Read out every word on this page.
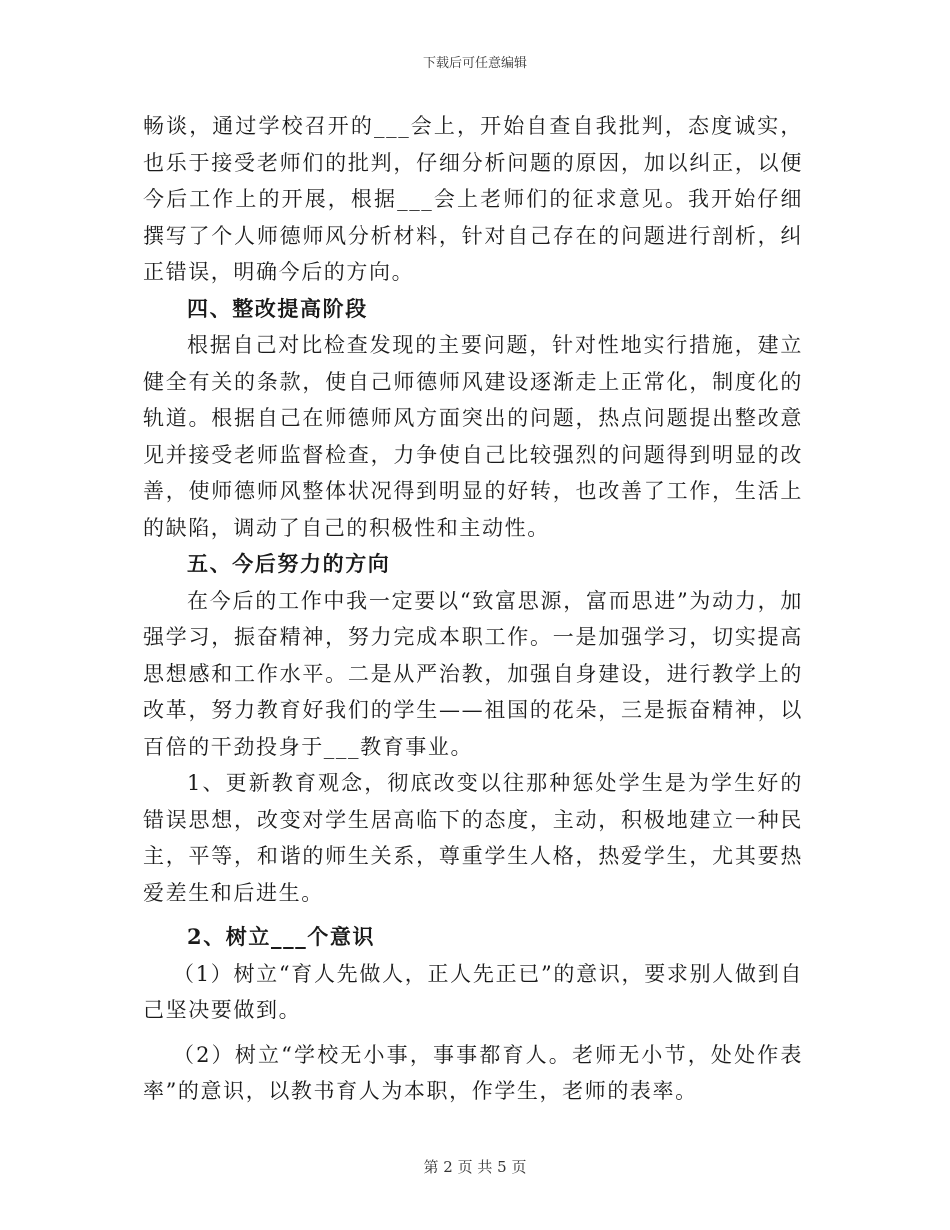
下载后可任意编辑

畅谈，通过学校召开的___会上，开始自查自我批判，态度诚实，也乐于接受老师们的批判，仔细分析问题的原因，加以纠正，以便今后工作上的开展，根据___会上老师们的征求意见。我开始仔细撰写了个人师德师风分析材料，针对自己存在的问题进行剖析，纠正错误，明确今后的方向。

四、整改提高阶段

根据自己对比检查发现的主要问题，针对性地实行措施，建立健全有关的条款，使自己师德师风建设逐渐走上正常化，制度化的轨道。根据自己在师德师风方面突出的问题，热点问题提出整改意见并接受老师监督检查，力争使自己比较强烈的问题得到明显的改善，使师德师风整体状况得到明显的好转，也改善了工作，生活上的缺陷，调动了自己的积极性和主动性。

五、今后努力的方向

在今后的工作中我一定要以“致富思源，富而思进”为动力，加强学习，振奋精神，努力完成本职工作。一是加强学习，切实提高思想感和工作水平。二是从严治教，加强自身建设，进行教学上的改革，努力教育好我们的学生——祖国的花朵，三是振奋精神，以百倍的干劲投身于___教育事业。

1、更新教育观念，彻底改变以往那种惩处学生是为学生好的错误思想，改变对学生居高临下的态度，主动，积极地建立一种民主，平等，和谐的师生关系，尊重学生人格，热爱学生，尤其要热爱差生和后进生。

2、树立___个意识

（1）树立“育人先做人，正人先正已”的意识，要求别人做到自己坚决要做到。

（2）树立“学校无小事，事事都育人。老师无小节，处处作表率”的意识，以教书育人为本职，作学生，老师的表率。

第 2 页 共 5 页
